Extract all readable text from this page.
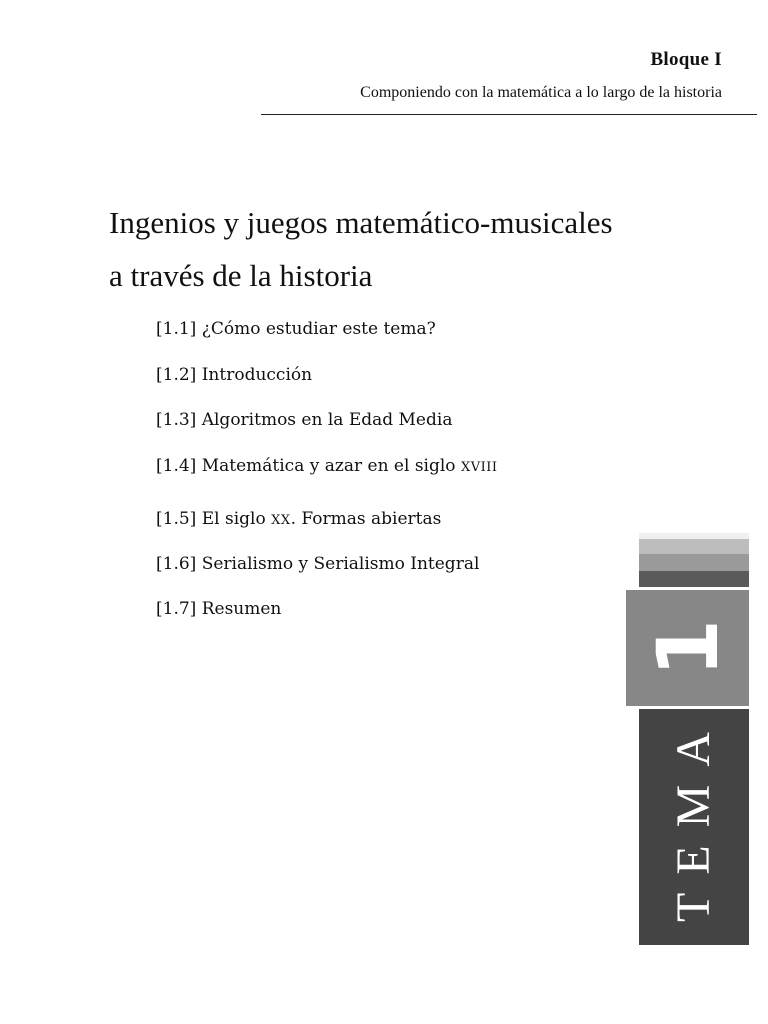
Bloque I
Componiendo con la matemática a lo largo de la historia
Ingenios y juegos matemático-musicales
a través de la historia
[1.1] ¿Cómo estudiar este tema?
[1.2] Introducción
[1.3] Algoritmos en la Edad Media
[1.4] Matemática y azar en el siglo XVIII
[1.5] El siglo XX. Formas abiertas
[1.6] Serialismo y Serialismo Integral
[1.7] Resumen
1
TEMA
